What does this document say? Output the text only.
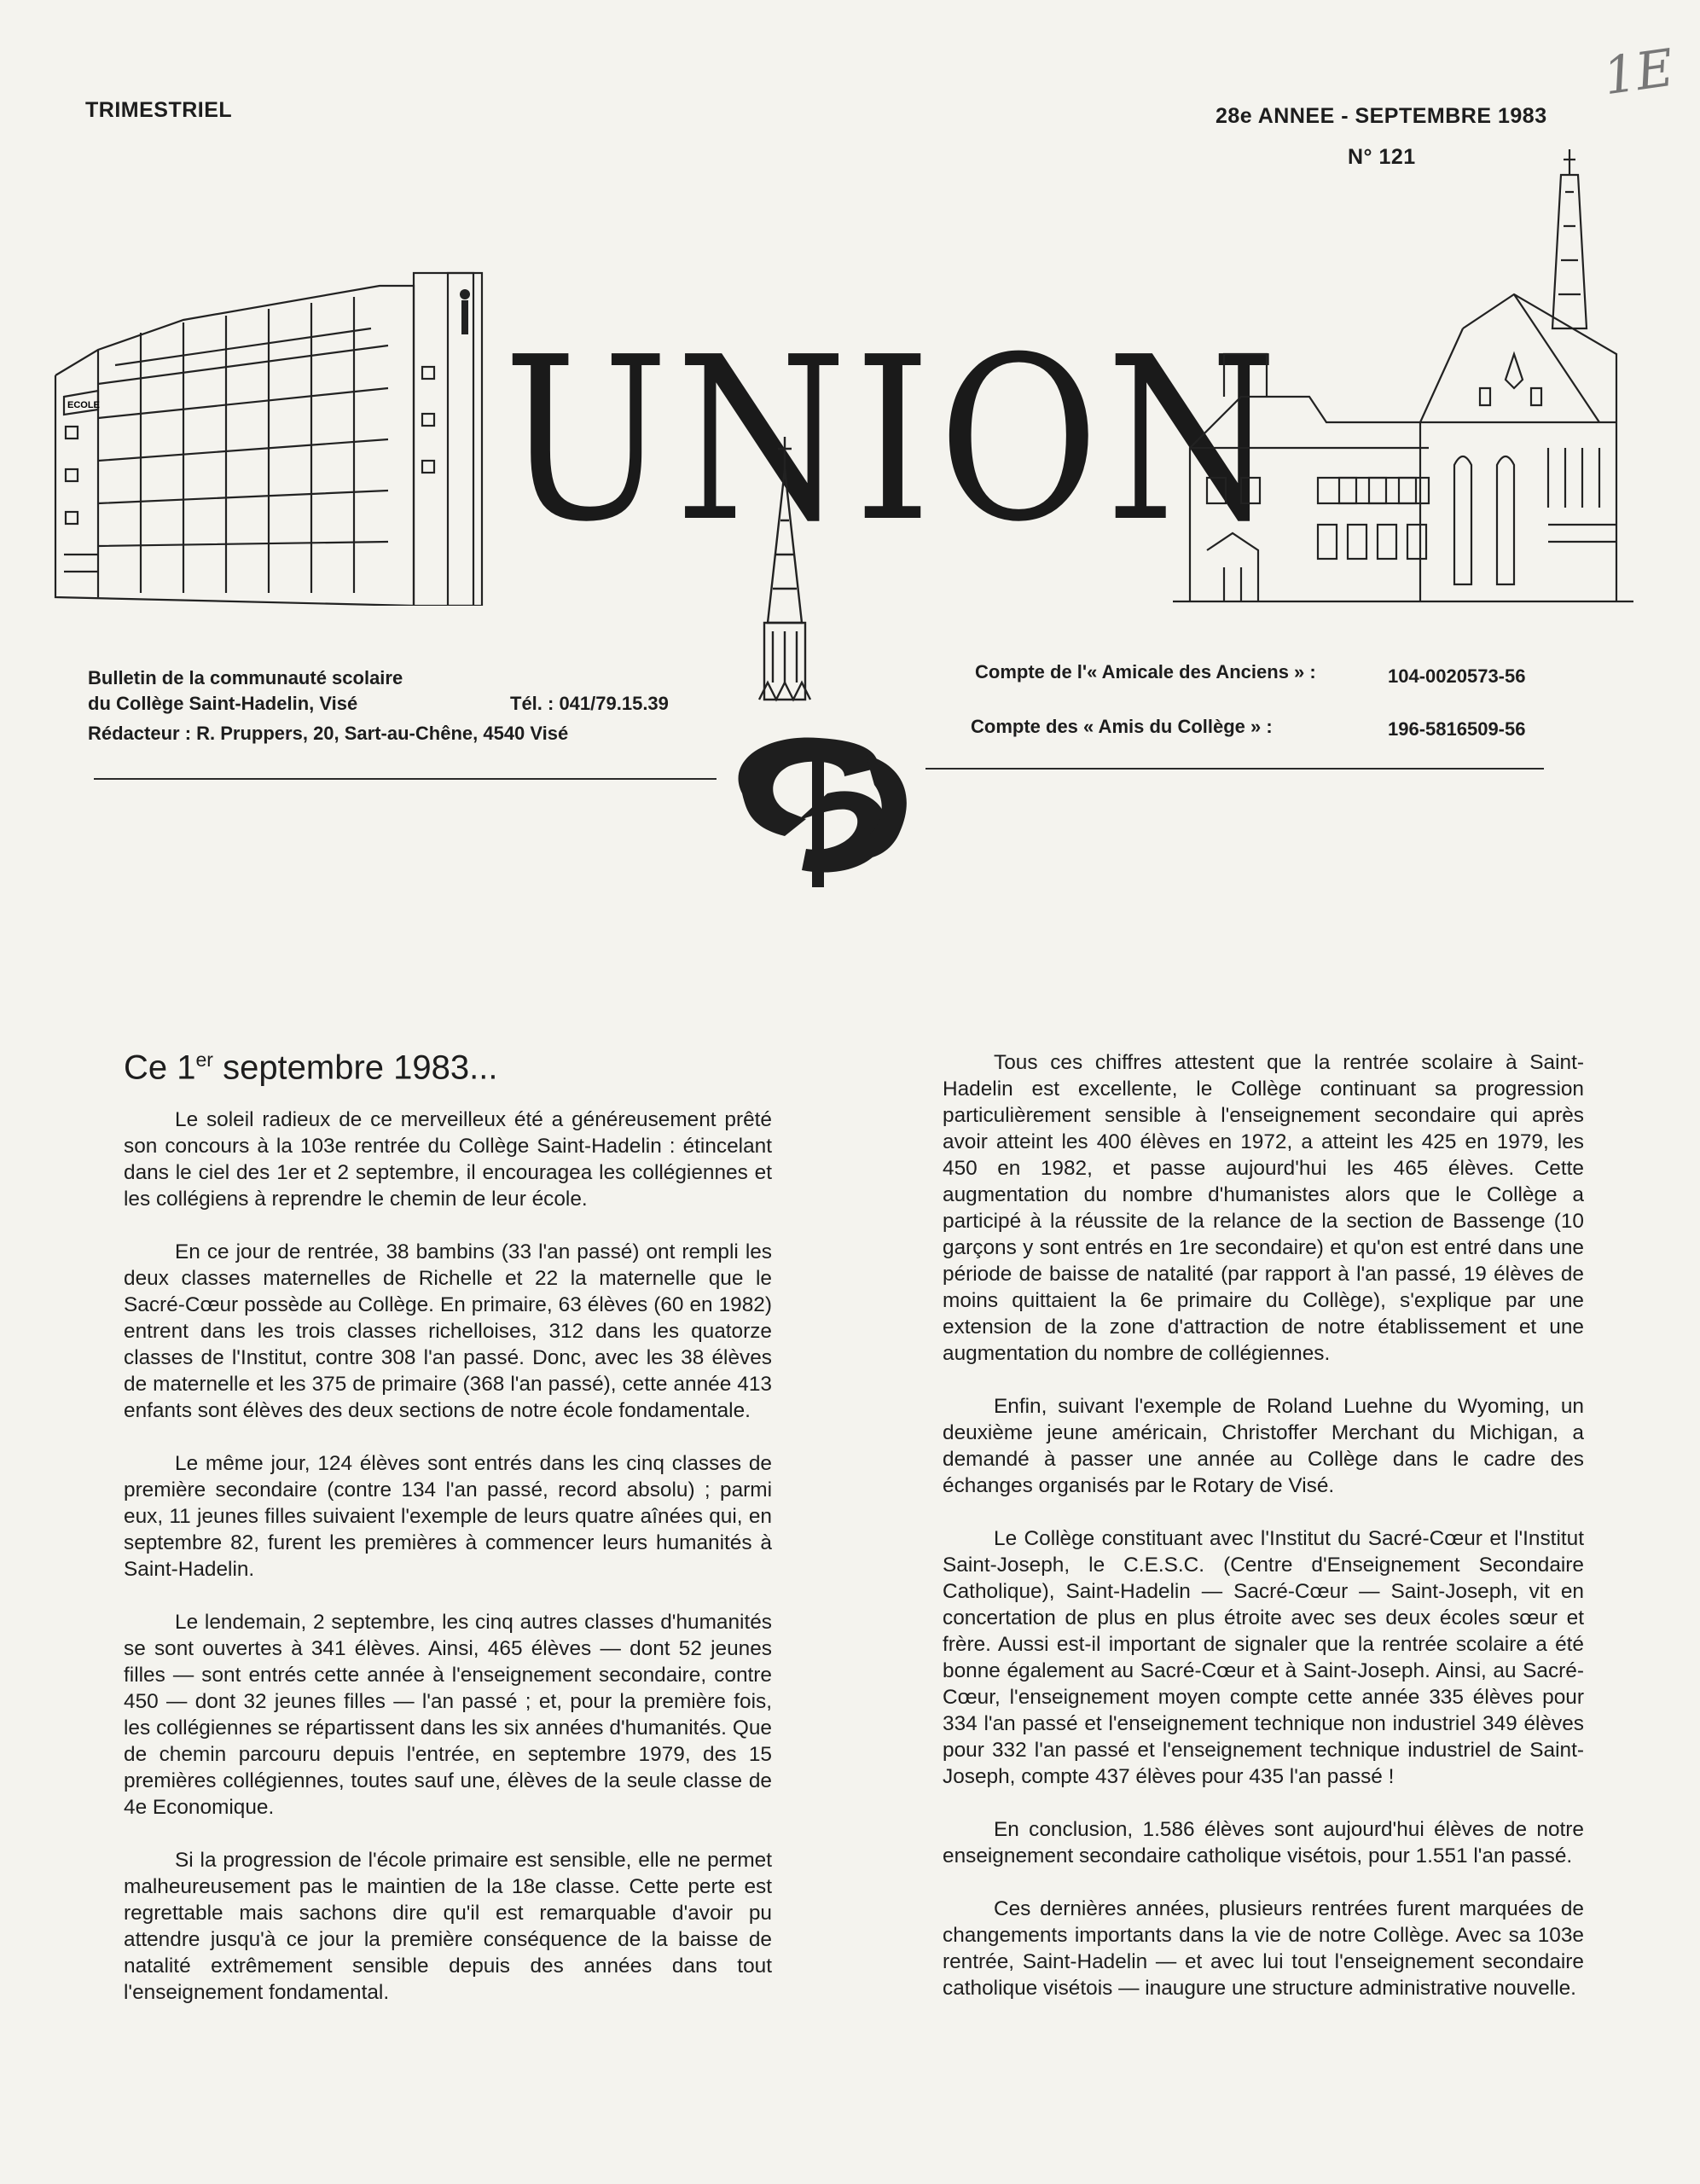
TRIMESTRIEL	28e ANNEE - SEPTEMBRE 1983
N° 121
1E
ECOLE UNION
Bulletin de la communauté scolaire
du Collège Saint-Hadelin, Visé	Tél. : 041/79.15.39
Rédacteur : R. Pruppers, 20, Sart-au-Chêne, 4540 Visé
Compte de l'« Amicale des Anciens » :	104-0020573-56
Compte des « Amis du Collège » :	196-5816509-56

Ce 1er septembre 1983...

Le soleil radieux de ce merveilleux été a généreusement prêté son concours à la 103e rentrée du Collège Saint-Hadelin : étincelant dans le ciel des 1er et 2 septembre, il encouragea les collégiennes et les collégiens à reprendre le chemin de leur école.

En ce jour de rentrée, 38 bambins (33 l'an passé) ont rempli les deux classes maternelles de Richelle et 22 la maternelle que le Sacré-Cœur possède au Collège. En primaire, 63 élèves (60 en 1982) entrent dans les trois classes richelloises, 312 dans les quatorze classes de l'Institut, contre 308 l'an passé. Donc, avec les 38 élèves de maternelle et les 375 de primaire (368 l'an passé), cette année 413 enfants sont élèves des deux sections de notre école fondamentale.

Le même jour, 124 élèves sont entrés dans les cinq classes de première secondaire (contre 134 l'an passé, record absolu) ; parmi eux, 11 jeunes filles suivaient l'exemple de leurs quatre aînées qui, en septembre 82, furent les premières à commencer leurs humanités à Saint-Hadelin.

Le lendemain, 2 septembre, les cinq autres classes d'humanités se sont ouvertes à 341 élèves. Ainsi, 465 élèves — dont 52 jeunes filles — sont entrés cette année à l'enseignement secondaire, contre 450 — dont 32 jeunes filles — l'an passé ; et, pour la première fois, les collégiennes se répartissent dans les six années d'humanités. Que de chemin parcouru depuis l'entrée, en septembre 1979, des 15 premières collégiennes, toutes sauf une, élèves de la seule classe de 4e Economique.

Si la progression de l'école primaire est sensible, elle ne permet malheureusement pas le maintien de la 18e classe. Cette perte est regrettable mais sachons dire qu'il est remarquable d'avoir pu attendre jusqu'à ce jour la première conséquence de la baisse de natalité extrêmement sensible depuis des années dans tout l'enseignement fondamental.

Tous ces chiffres attestent que la rentrée scolaire à Saint-Hadelin est excellente, le Collège continuant sa progression particulièrement sensible à l'enseignement secondaire qui après avoir atteint les 400 élèves en 1972, a atteint les 425 en 1979, les 450 en 1982, et passe aujourd'hui les 465 élèves. Cette augmentation du nombre d'humanistes alors que le Collège a participé à la réussite de la relance de la section de Bassenge (10 garçons y sont entrés en 1re secondaire) et qu'on est entré dans une période de baisse de natalité (par rapport à l'an passé, 19 élèves de moins quittaient la 6e primaire du Collège), s'explique par une extension de la zone d'attraction de notre établissement et une augmentation du nombre de collégiennes.

Enfin, suivant l'exemple de Roland Luehne du Wyoming, un deuxième jeune américain, Christoffer Merchant du Michigan, a demandé à passer une année au Collège dans le cadre des échanges organisés par le Rotary de Visé.

Le Collège constituant avec l'Institut du Sacré-Cœur et l'Institut Saint-Joseph, le C.E.S.C. (Centre d'Enseignement Secondaire Catholique), Saint-Hadelin — Sacré-Cœur — Saint-Joseph, vit en concertation de plus en plus étroite avec ses deux écoles sœur et frère. Aussi est-il important de signaler que la rentrée scolaire a été bonne également au Sacré-Cœur et à Saint-Joseph. Ainsi, au Sacré-Cœur, l'enseignement moyen compte cette année 335 élèves pour 334 l'an passé et l'enseignement technique non industriel 349 élèves pour 332 l'an passé et l'enseignement technique industriel de Saint-Joseph, compte 437 élèves pour 435 l'an passé !

En conclusion, 1.586 élèves sont aujourd'hui élèves de notre enseignement secondaire catholique visétois, pour 1.551 l'an passé.

Ces dernières années, plusieurs rentrées furent marquées de changements importants dans la vie de notre Collège. Avec sa 103e rentrée, Saint-Hadelin — et avec lui tout l'enseignement secondaire catholique visétois — inaugure une structure administrative nouvelle.
